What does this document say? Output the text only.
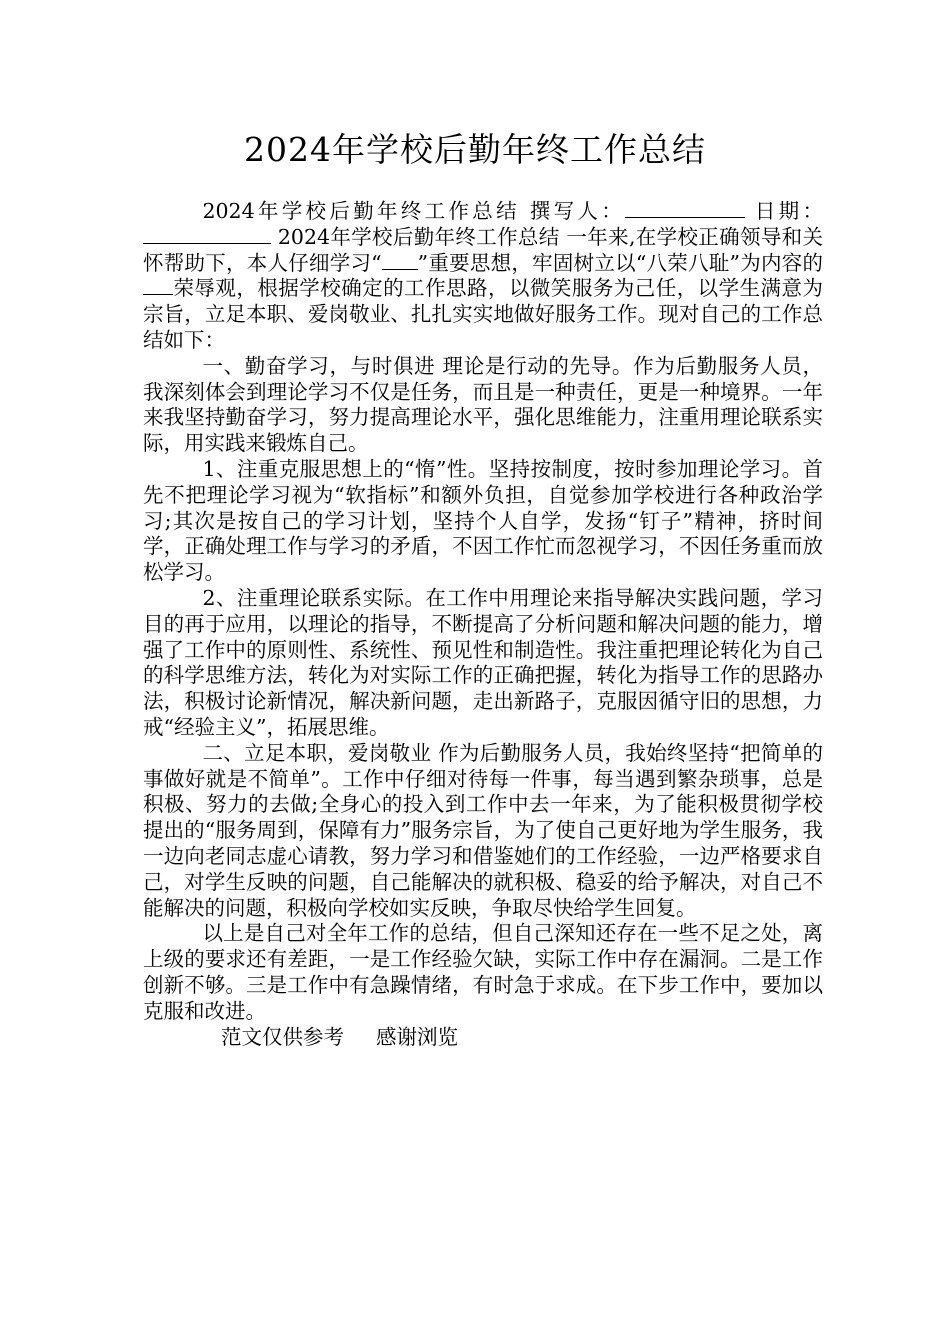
2024年学校后勤年终工作总结

2024年学校后勤年终工作总结 撰写人：	日期： 2024年学校后勤年终工作总结 一年来,在学校正确领导和关怀帮助下，本人仔细学习“ ”重要思想，牢固树立以“八荣八耻”为内容的荣辱观，根据学校确定的工作思路，以微笑服务为己任，以学生满意为宗旨，立足本职、爱岗敬业、扎扎实实地做好服务工作。现对自己的工作总结如下：

一、勤奋学习，与时俱进 理论是行动的先导。作为后勤服务人员，我深刻体会到理论学习不仅是任务，而且是一种责任，更是一种境界。一年来我坚持勤奋学习，努力提高理论水平，强化思维能力，注重用理论联系实际，用实践来锻炼自己。

1、注重克服思想上的“惰”性。坚持按制度，按时参加理论学习。首先不把理论学习视为“软指标”和额外负担，自觉参加学校进行各种政治学习;其次是按自己的学习计划，坚持个人自学，发扬“钉子”精神，挤时间学，正确处理工作与学习的矛盾，不因工作忙而忽视学习，不因任务重而放松学习。

2、注重理论联系实际。在工作中用理论来指导解决实践问题，学习目的再于应用，以理论的指导，不断提高了分析问题和解决问题的能力，增强了工作中的原则性、系统性、预见性和制造性。我注重把理论转化为自己的科学思维方法，转化为对实际工作的正确把握，转化为指导工作的思路办法，积极讨论新情况，解决新问题，走出新路子，克服因循守旧的思想，力戒“经验主义”，拓展思维。

二、立足本职，爱岗敬业 作为后勤服务人员，我始终坚持“把简单的事做好就是不简单”。工作中仔细对待每一件事，每当遇到繁杂琐事，总是积极、努力的去做;全身心的投入到工作中去一年来，为了能积极贯彻学校提出的“服务周到，保障有力”服务宗旨，为了使自己更好地为学生服务，我一边向老同志虚心请教，努力学习和借鉴她们的工作经验，一边严格要求自己，对学生反映的问题，自己能解决的就积极、稳妥的给予解决，对自己不能解决的问题，积极向学校如实反映，争取尽快给学生回复。

以上是自己对全年工作的总结，但自己深知还存在一些不足之处，离上级的要求还有差距，一是工作经验欠缺，实际工作中存在漏洞。二是工作创新不够。三是工作中有急躁情绪，有时急于求成。在下步工作中，要加以克服和改进。

范文仅供参考 感谢浏览
